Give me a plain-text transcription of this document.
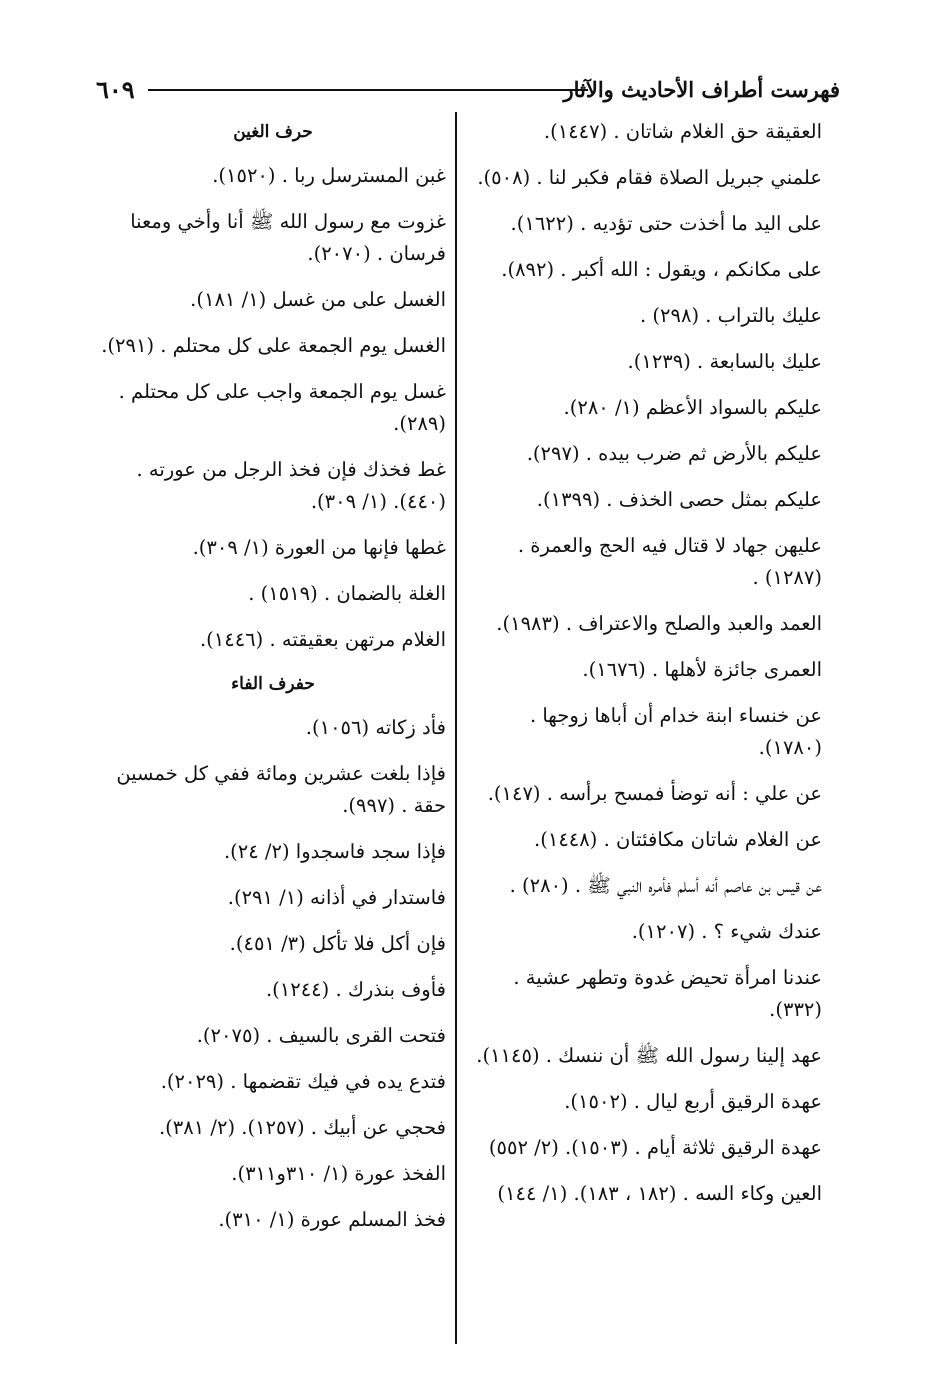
٦٠٩	فهرست أطراف الأحاديث والآثار
العقيقة حق الغلام شاتان . (١٤٤٧).
علمني جبريل الصلاة فقام فكبر لنا . (٥٠٨).
على اليد ما أخذت حتى تؤديه . (١٦٢٢).
على مكانكم ، ويقول : الله أكبر . (٨٩٢).
عليك بالتراب . (٢٩٨) .
عليك بالسابعة . (١٢٣٩).
عليكم بالسواد الأعظم (١/ ٢٨٠).
عليكم بالأرض ثم ضرب بيده . (٢٩٧).
عليكم بمثل حصى الخذف . (١٣٩٩).
عليهن جهاد لا قتال فيه الحج والعمرة . (١٢٨٧) .
العمد والعبد والصلح والاعتراف . (١٩٨٣).
العمرى جائزة لأهلها . (١٦٧٦).
عن خنساء ابنة خدام أن أباها زوجها . (١٧٨٠).
عن علي : أنه توضأ فمسح برأسه . (١٤٧).
عن الغلام شاتان مكافئتان . (١٤٤٨).
عن قيس بن عاصم أنه أسلم فأمره النبي ﷺ . (٢٨٠) .
عندك شيء ؟ . (١٢٠٧).
عندنا امرأة تحيض غدوة وتطهر عشية . (٣٣٢).
عهد إلينا رسول الله ﷺ أن ننسك . (١١٤٥).
عهدة الرقيق أربع ليال . (١٥٠٢).
عهدة الرقيق ثلاثة أيام . (١٥٠٣). (٢/ ٥٥٢)
العين وكاء السه . (١٨٢ ، ١٨٣). (١/ ١٤٤)
حرف الغين
غبن المسترسل ربا . (١٥٢٠).
غزوت مع رسول الله ﷺ أنا وأخي ومعنا فرسان . (٢٠٧٠).
الغسل على من غسل (١/ ١٨١).
الغسل يوم الجمعة على كل محتلم . (٢٩١).
غسل يوم الجمعة واجب على كل محتلم . (٢٨٩).
غط فخذك فإن فخذ الرجل من عورته . (٤٤٠). (١/ ٣٠٩).
غطها فإنها من العورة (١/ ٣٠٩).
الغلة بالضمان . (١٥١٩) .
الغلام مرتهن بعقيقته . (١٤٤٦).
حفرف الفاء
فأد زكاته (١٠٥٦).
فإذا بلغت عشرين ومائة ففي كل خمسين حقة . (٩٩٧).
فإذا سجد فاسجدوا (٢/ ٢٤).
فاستدار في أذانه (١/ ٢٩١).
فإن أكل فلا تأكل (٣/ ٤٥١).
فأوف بنذرك . (١٢٤٤).
فتحت القرى بالسيف . (٢٠٧٥).
فتدع يده في فيك تقضمها . (٢٠٢٩).
فحجي عن أبيك . (١٢٥٧). (٢/ ٣٨١).
الفخذ عورة (١/ ٣١٠و٣١١).
فخذ المسلم عورة (١/ ٣١٠).
